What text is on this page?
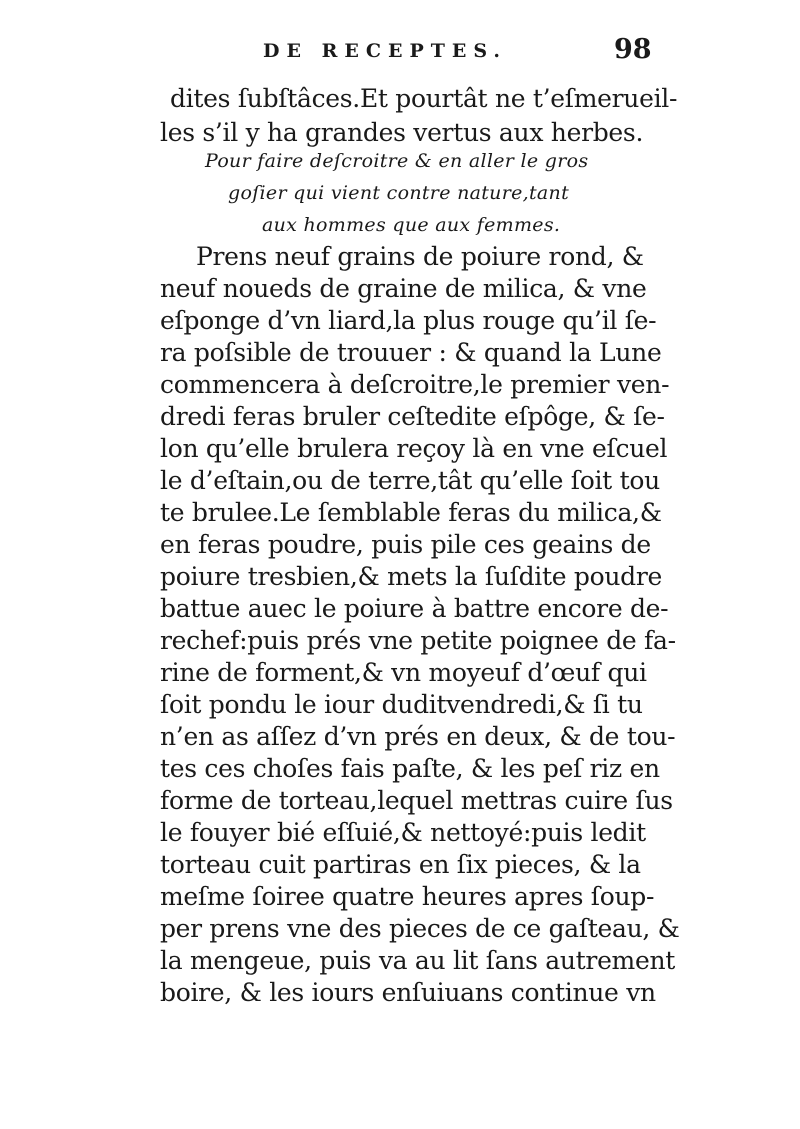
DE RECEPTES.	98
dites ſubſtâces.Et pourtât ne t’eſmerueil-
les s’il y ha grandes vertus aux herbes.
Pour faire deſcroitre & en aller le gros
goſier qui vient contre nature,tant
aux hommes que aux femmes.
Prens neuf grains de poiure rond, &
neuf noueds de graine de milica, & vne
eſponge d’vn liard,la plus rouge qu’il ſe-
ra poſsible de trouuer : & quand la Lune
commencera à deſcroitre,le premier ven-
dredi feras bruler ceſtedite eſpôge, & ſe-
lon qu’elle brulera reçoy là en vne eſcuel
le d’eſtain,ou de terre,tât qu’elle ſoit tou
te brulee.Le ſemblable feras du milica,&
en feras poudre, puis pile ces geains de
poiure tresbien,& mets la ſuſdite poudre
battue auec le poiure à battre encore de-
rechef:puis prés vne petite poignee de fa-
rine de forment,& vn moyeuf d’œuf qui
ſoit pondu le iour duditvendredi,& ſi tu
n’en as aſſez d’vn prés en deux, & de tou-
tes ces choſes fais paſte, & les peſ riz en
forme de torteau,lequel mettras cuire ſus
le fouyer bié eſſuié,& nettoyé:puis ledit
torteau cuit partiras en ſix pieces, & la
meſme ſoiree quatre heures apres ſoup-
per prens vne des pieces de ce gaſteau, &
la mengeue, puis va au lit ſans autrement
boire, & les iours enſuiuans continue vn
